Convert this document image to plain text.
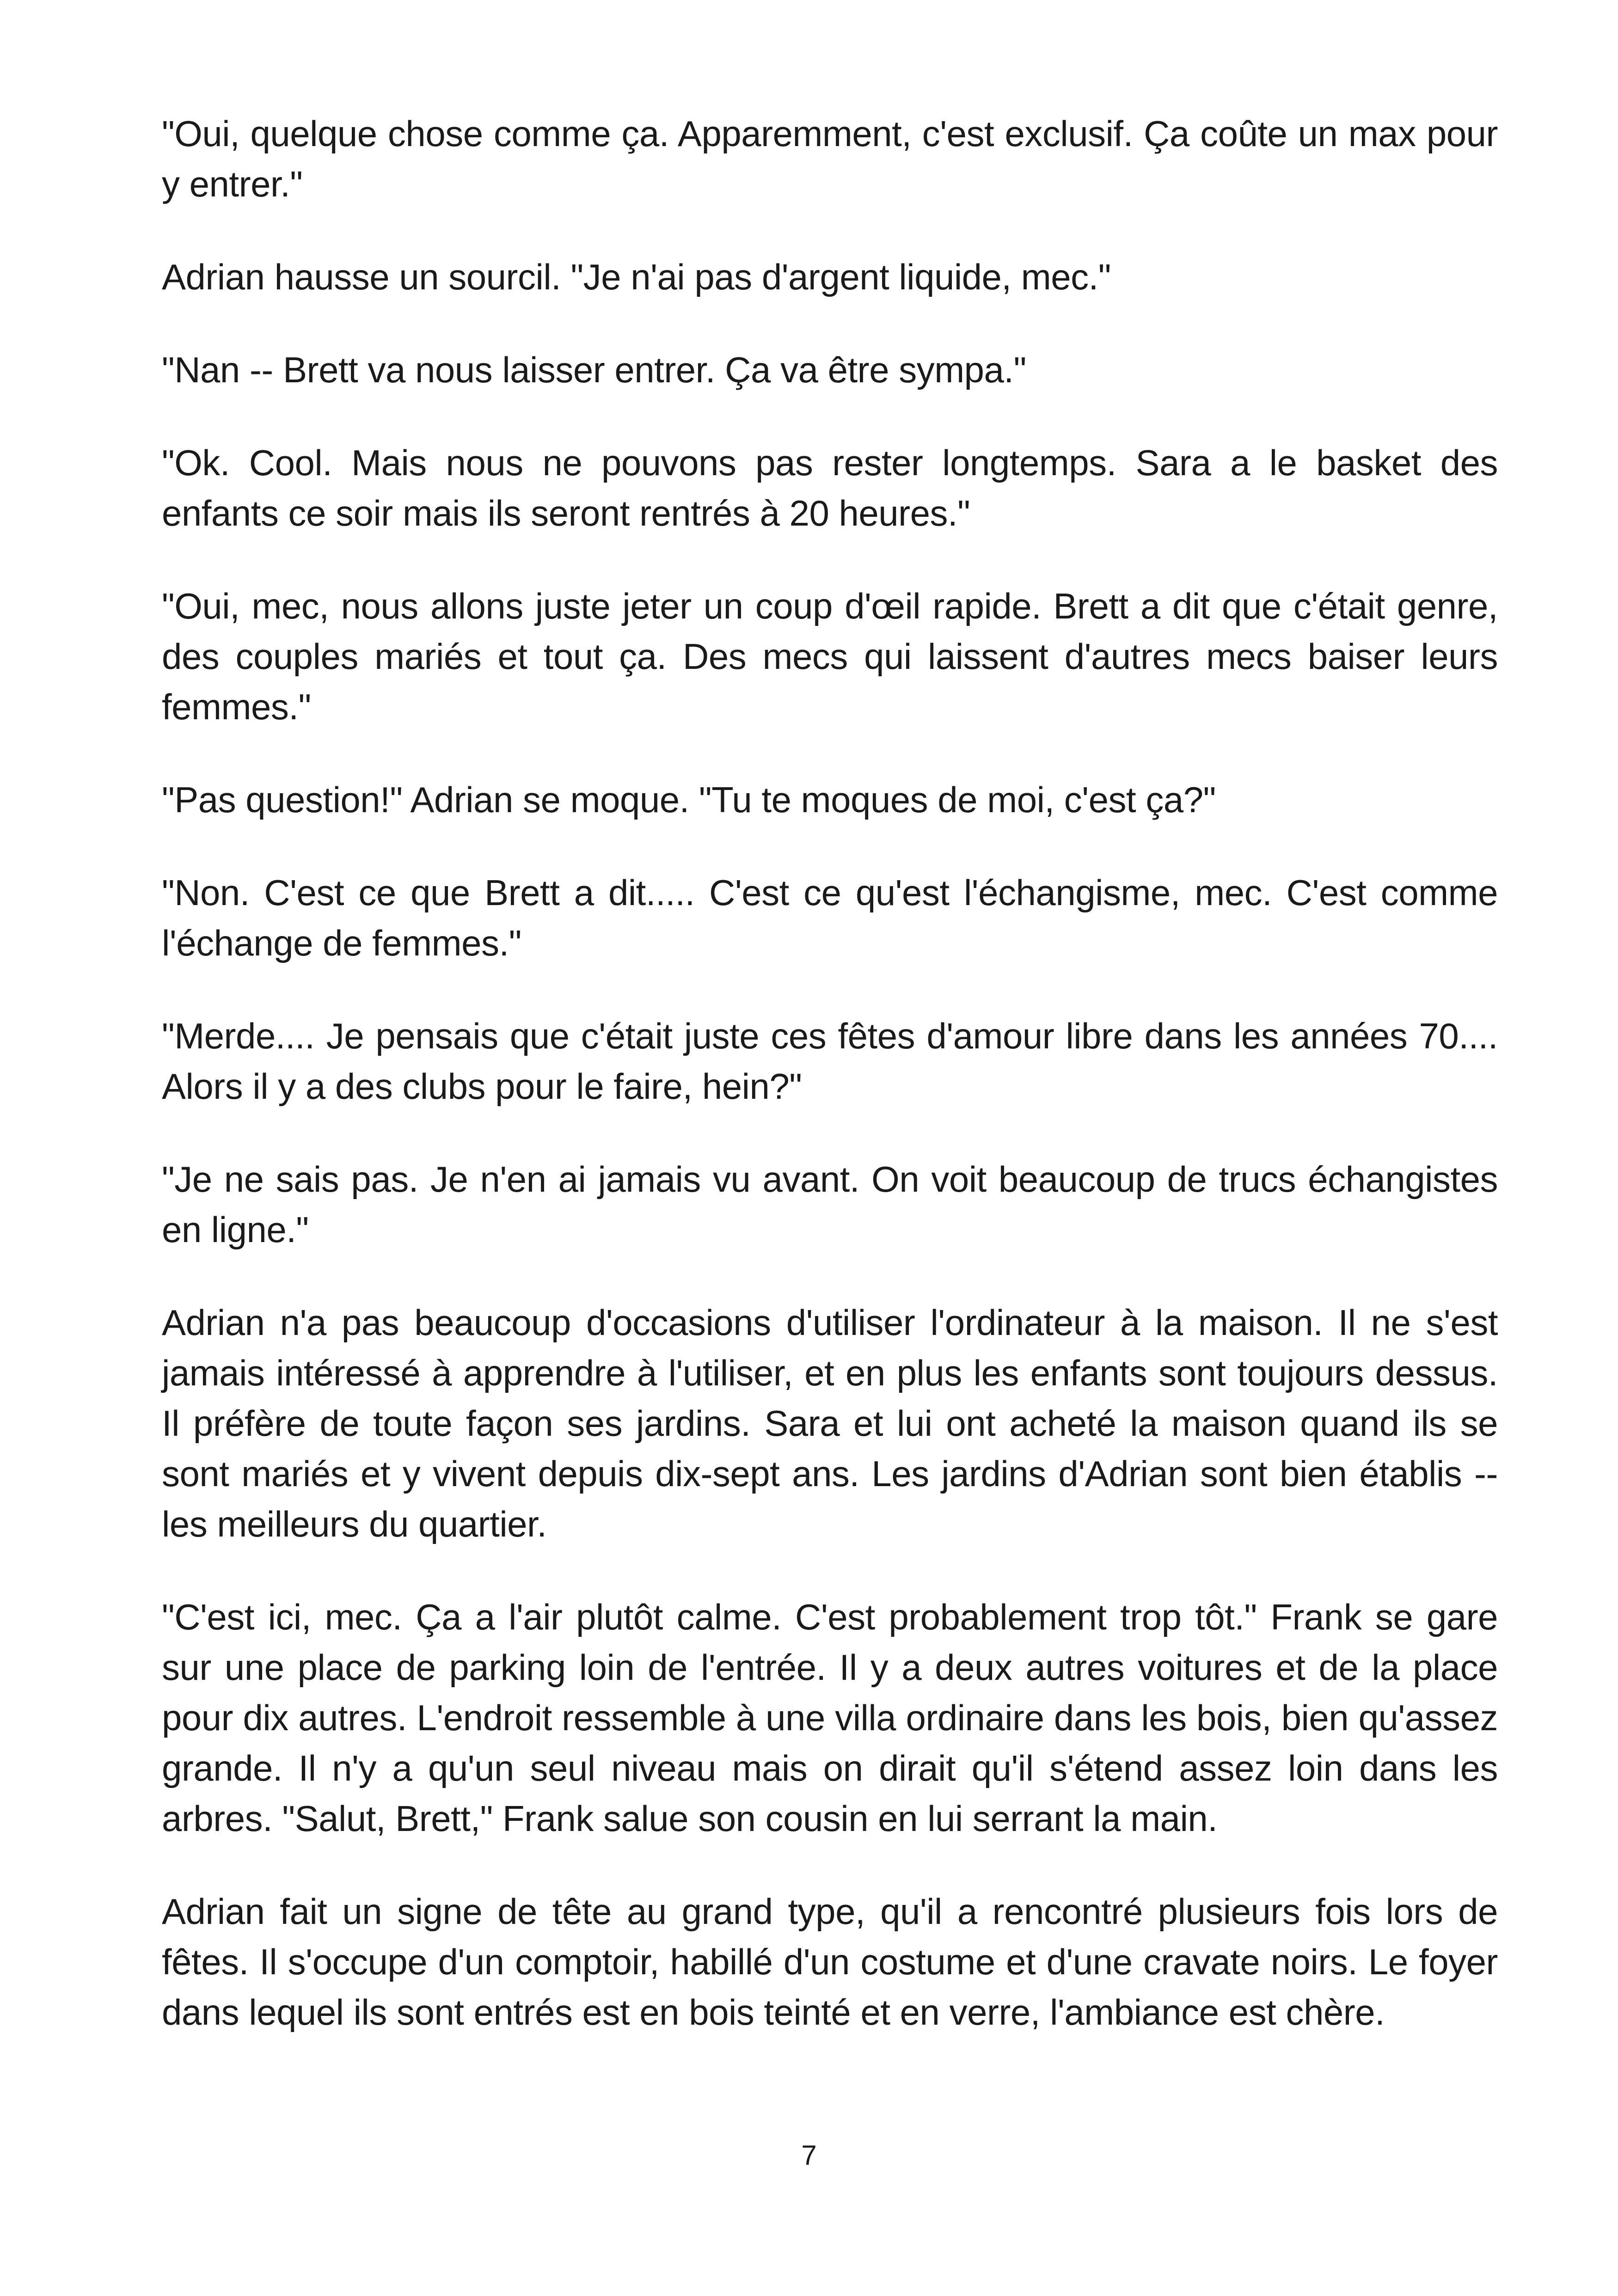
"Oui, quelque chose comme ça. Apparemment, c'est exclusif. Ça coûte un max pour y entrer."

Adrian hausse un sourcil. "Je n'ai pas d'argent liquide, mec."

"Nan -- Brett va nous laisser entrer. Ça va être sympa."

"Ok. Cool. Mais nous ne pouvons pas rester longtemps. Sara a le basket des enfants ce soir mais ils seront rentrés à 20 heures."

"Oui, mec, nous allons juste jeter un coup d'œil rapide. Brett a dit que c'était genre, des couples mariés et tout ça. Des mecs qui laissent d'autres mecs baiser leurs femmes."

"Pas question!" Adrian se moque. "Tu te moques de moi, c'est ça?"

"Non. C'est ce que Brett a dit..... C'est ce qu'est l'échangisme, mec. C'est comme l'échange de femmes."

"Merde.... Je pensais que c'était juste ces fêtes d'amour libre dans les années 70.... Alors il y a des clubs pour le faire, hein?"

"Je ne sais pas. Je n'en ai jamais vu avant. On voit beaucoup de trucs échangistes en ligne."

Adrian n'a pas beaucoup d'occasions d'utiliser l'ordinateur à la maison. Il ne s'est jamais intéressé à apprendre à l'utiliser, et en plus les enfants sont toujours dessus. Il préfère de toute façon ses jardins. Sara et lui ont acheté la maison quand ils se sont mariés et y vivent depuis dix-sept ans. Les jardins d'Adrian sont bien établis -- les meilleurs du quartier.

"C'est ici, mec. Ça a l'air plutôt calme. C'est probablement trop tôt." Frank se gare sur une place de parking loin de l'entrée. Il y a deux autres voitures et de la place pour dix autres. L'endroit ressemble à une villa ordinaire dans les bois, bien qu'assez grande. Il n'y a qu'un seul niveau mais on dirait qu'il s'étend assez loin dans les arbres. "Salut, Brett," Frank salue son cousin en lui serrant la main.

Adrian fait un signe de tête au grand type, qu'il a rencontré plusieurs fois lors de fêtes. Il s'occupe d'un comptoir, habillé d'un costume et d'une cravate noirs. Le foyer dans lequel ils sont entrés est en bois teinté et en verre, l'ambiance est chère.

7
